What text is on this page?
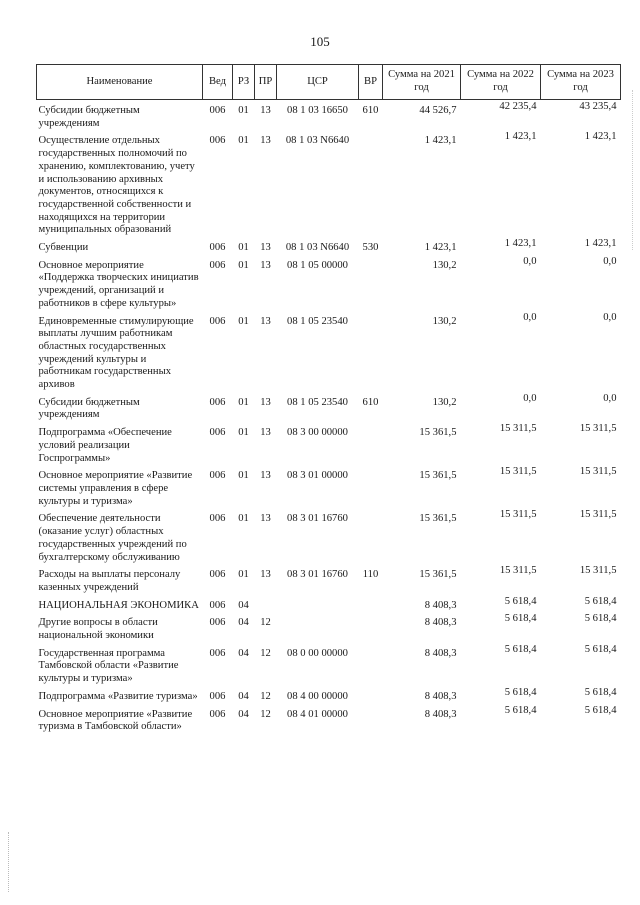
105
Наименование	Вед	РЗ	ПР	ЦСР	ВР	Сумма на 2021 год	Сумма на 2022 год	Сумма на 2023 год
Субсидии бюджетным учреждениям	006	01	13	08 1 03 16650	610	44 526,7	42 235,4	43 235,4
Осуществление отдельных государственных полномочий по хранению, комплектованию, учету и использованию архивных документов, относящихся к государственной собственности и находящихся на территории муниципальных образований	006	01	13	08 1 03 N6640		1 423,1	1 423,1	1 423,1
Субвенции	006	01	13	08 1 03 N6640	530	1 423,1	1 423,1	1 423,1
Основное мероприятие «Поддержка творческих инициатив учреждений, организаций и работников в сфере культуры»	006	01	13	08 1 05 00000		130,2	0,0	0,0
Единовременные стимулирующие выплаты лучшим работникам областных государственных учреждений культуры и работникам государственных архивов	006	01	13	08 1 05 23540		130,2	0,0	0,0
Субсидии бюджетным учреждениям	006	01	13	08 1 05 23540	610	130,2	0,0	0,0
Подпрограмма «Обеспечение условий реализации Госпрограммы»	006	01	13	08 3 00 00000		15 361,5	15 311,5	15 311,5
Основное мероприятие «Развитие системы управления в сфере культуры и туризма»	006	01	13	08 3 01 00000		15 361,5	15 311,5	15 311,5
Обеспечение деятельности (оказание услуг) областных государственных учреждений по бухгалтерскому обслуживанию	006	01	13	08 3 01 16760		15 361,5	15 311,5	15 311,5
Расходы на выплаты персоналу казенных учреждений	006	01	13	08 3 01 16760	110	15 361,5	15 311,5	15 311,5
НАЦИОНАЛЬНАЯ ЭКОНОМИКА	006	04				8 408,3	5 618,4	5 618,4
Другие вопросы в области национальной экономики	006	04	12			8 408,3	5 618,4	5 618,4
Государственная программа Тамбовской области «Развитие культуры и туризма»	006	04	12	08 0 00 00000		8 408,3	5 618,4	5 618,4
Подпрограмма «Развитие туризма»	006	04	12	08 4 00 00000		8 408,3	5 618,4	5 618,4
Основное мероприятие «Развитие туризма в Тамбовской области»	006	04	12	08 4 01 00000		8 408,3	5 618,4	5 618,4
